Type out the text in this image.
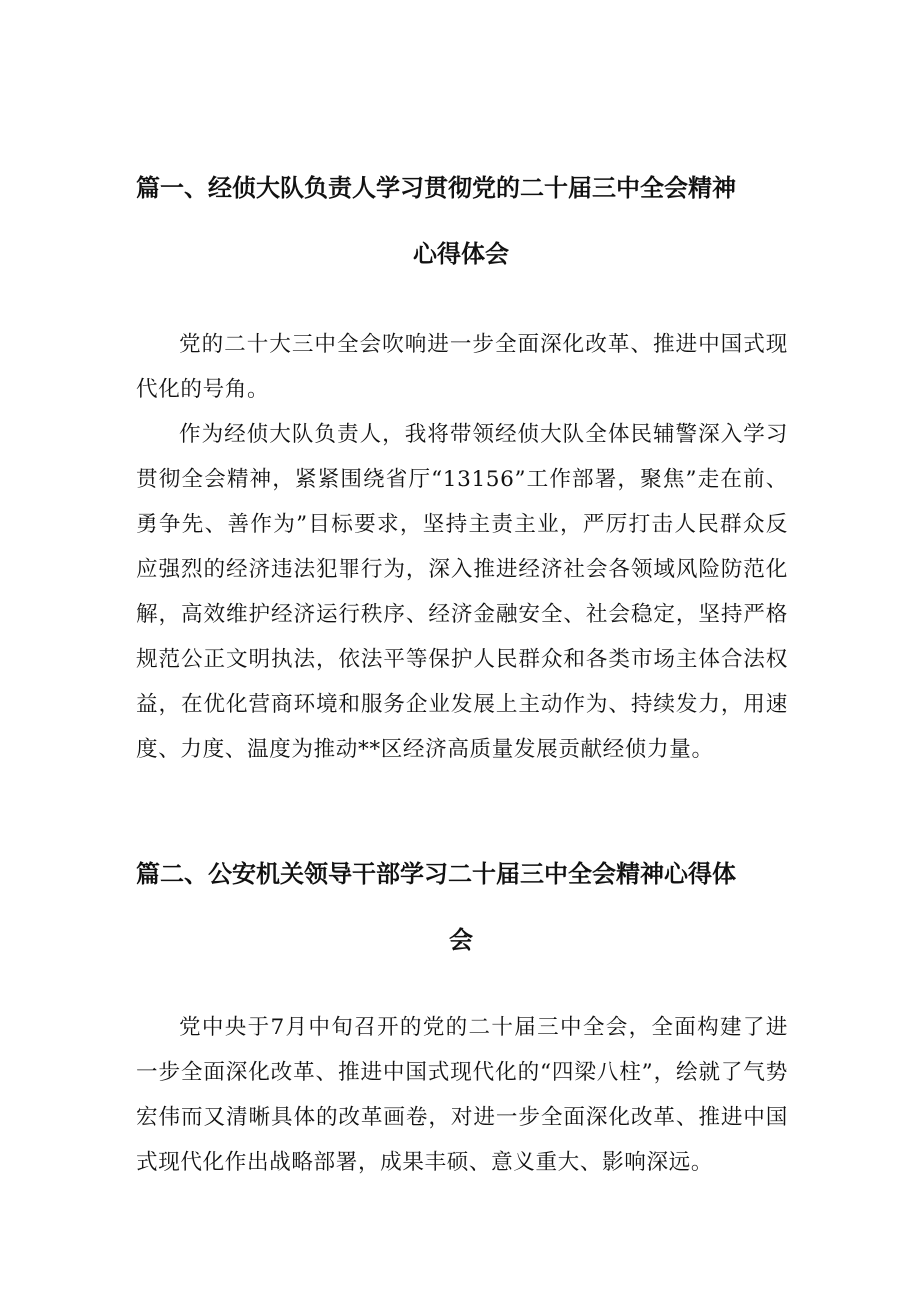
篇一、经侦大队负责人学习贯彻党的二十届三中全会精神
心得体会

党的二十大三中全会吹响进一步全面深化改革、推进中国式现代化的号角。

作为经侦大队负责人，我将带领经侦大队全体民辅警深入学习贯彻全会精神，紧紧围绕省厅“13156”工作部署，聚焦”走在前、勇争先、善作为”目标要求，坚持主责主业，严厉打击人民群众反应强烈的经济违法犯罪行为，深入推进经济社会各领域风险防范化解，高效维护经济运行秩序、经济金融安全、社会稳定，坚持严格规范公正文明执法，依法平等保护人民群众和各类市场主体合法权益，在优化营商环境和服务企业发展上主动作为、持续发力，用速度、力度、温度为推动**区经济高质量发展贡献经侦力量。

篇二、公安机关领导干部学习二十届三中全会精神心得体
会

党中央于7月中旬召开的党的二十届三中全会，全面构建了进一步全面深化改革、推进中国式现代化的“四梁八柱”，绘就了气势宏伟而又清晰具体的改革画卷，对进一步全面深化改革、推进中国式现代化作出战略部署，成果丰硕、意义重大、影响深远。
